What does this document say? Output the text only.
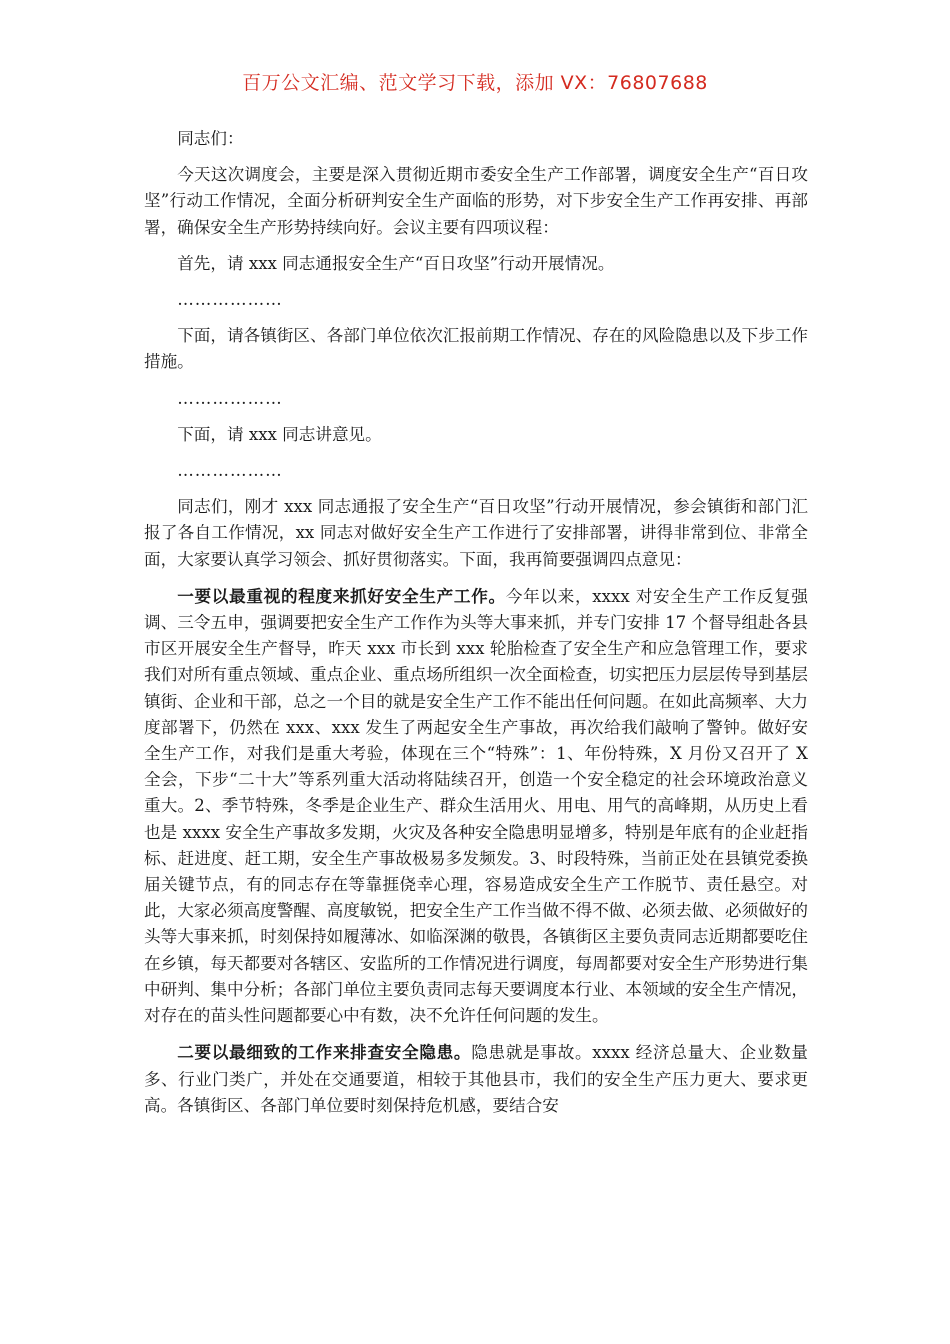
百万公文汇编、范文学习下载，添加 VX：76807688

同志们：

今天这次调度会，主要是深入贯彻近期市委安全生产工作部署，调度安全生产“百日攻坚”行动工作情况，全面分析研判安全生产面临的形势，对下步安全生产工作再安排、再部署，确保安全生产形势持续向好。会议主要有四项议程：

首先，请 xxx 同志通报安全生产“百日攻坚”行动开展情况。

………………

下面，请各镇街区、各部门单位依次汇报前期工作情况、存在的风险隐患以及下步工作措施。

………………

下面，请 xxx 同志讲意见。

………………

同志们，刚才 xxx 同志通报了安全生产“百日攻坚”行动开展情况，参会镇街和部门汇报了各自工作情况，xx 同志对做好安全生产工作进行了安排部署，讲得非常到位、非常全面，大家要认真学习领会、抓好贯彻落实。下面，我再简要强调四点意见：

一要以最重视的程度来抓好安全生产工作。今年以来，xxxx 对安全生产工作反复强调、三令五申，强调要把安全生产工作作为头等大事来抓，并专门安排 17 个督导组赴各县市区开展安全生产督导，昨天 xxx 市长到 xxx 轮胎检查了安全生产和应急管理工作，要求我们对所有重点领域、重点企业、重点场所组织一次全面检查，切实把压力层层传导到基层镇街、企业和干部，总之一个目的就是安全生产工作不能出任何问题。在如此高频率、大力度部署下，仍然在 xxx、xxx 发生了两起安全生产事故，再次给我们敲响了警钟。做好安全生产工作，对我们是重大考验，体现在三个“特殊”：1、年份特殊，X 月份又召开了 X 全会，下步“二十大”等系列重大活动将陆续召开，创造一个安全稳定的社会环境政治意义重大。2、季节特殊，冬季是企业生产、群众生活用火、用电、用气的高峰期，从历史上看也是 xxxx 安全生产事故多发期，火灾及各种安全隐患明显增多，特别是年底有的企业赶指标、赶进度、赶工期，安全生产事故极易多发频发。3、时段特殊，当前正处在县镇党委换届关键节点，有的同志存在等靠捱侥幸心理，容易造成安全生产工作脱节、责任悬空。对此，大家必须高度警醒、高度敏锐，把安全生产工作当做不得不做、必须去做、必须做好的头等大事来抓，时刻保持如履薄冰、如临深渊的敬畏，各镇街区主要负责同志近期都要吃住在乡镇，每天都要对各辖区、安监所的工作情况进行调度，每周都要对安全生产形势进行集中研判、集中分析；各部门单位主要负责同志每天要调度本行业、本领域的安全生产情况，对存在的苗头性问题都要心中有数，决不允许任何问题的发生。

二要以最细致的工作来排查安全隐患。隐患就是事故。xxxx 经济总量大、企业数量多、行业门类广，并处在交通要道，相较于其他县市，我们的安全生产压力更大、要求更高。各镇街区、各部门单位要时刻保持危机感，要结合安
